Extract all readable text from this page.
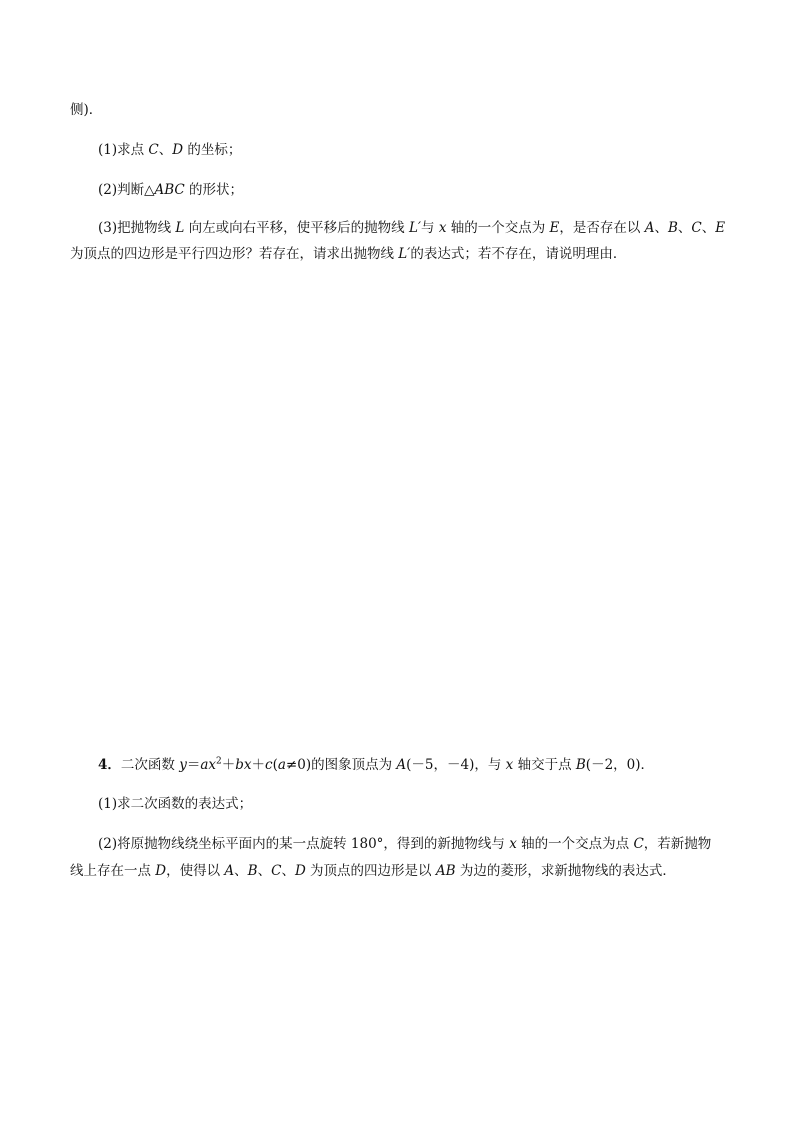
侧)．
(1)求点 C、D 的坐标；
(2)判断△ABC 的形状；
(3)把抛物线 L 向左或向右平移，使平移后的抛物线 L′与 x 轴的一个交点为 E，是否存在以 A、B、C、E
为顶点的四边形是平行四边形？若存在，请求出抛物线 L′的表达式；若不存在，请说明理由．
4．二次函数 $y=ax^2+bx+c(a\ne 0)$的图象顶点为 A(－5，－4)，与 x 轴交于点 B(－2，0)．
(1)求二次函数的表达式；
(2)将原抛物线绕坐标平面内的某一点旋转 180°，得到的新抛物线与 x 轴的一个交点为点 C，若新抛物
线上存在一点 D，使得以 A、B、C、D 为顶点的四边形是以 AB 为边的菱形，求新抛物线的表达式．
